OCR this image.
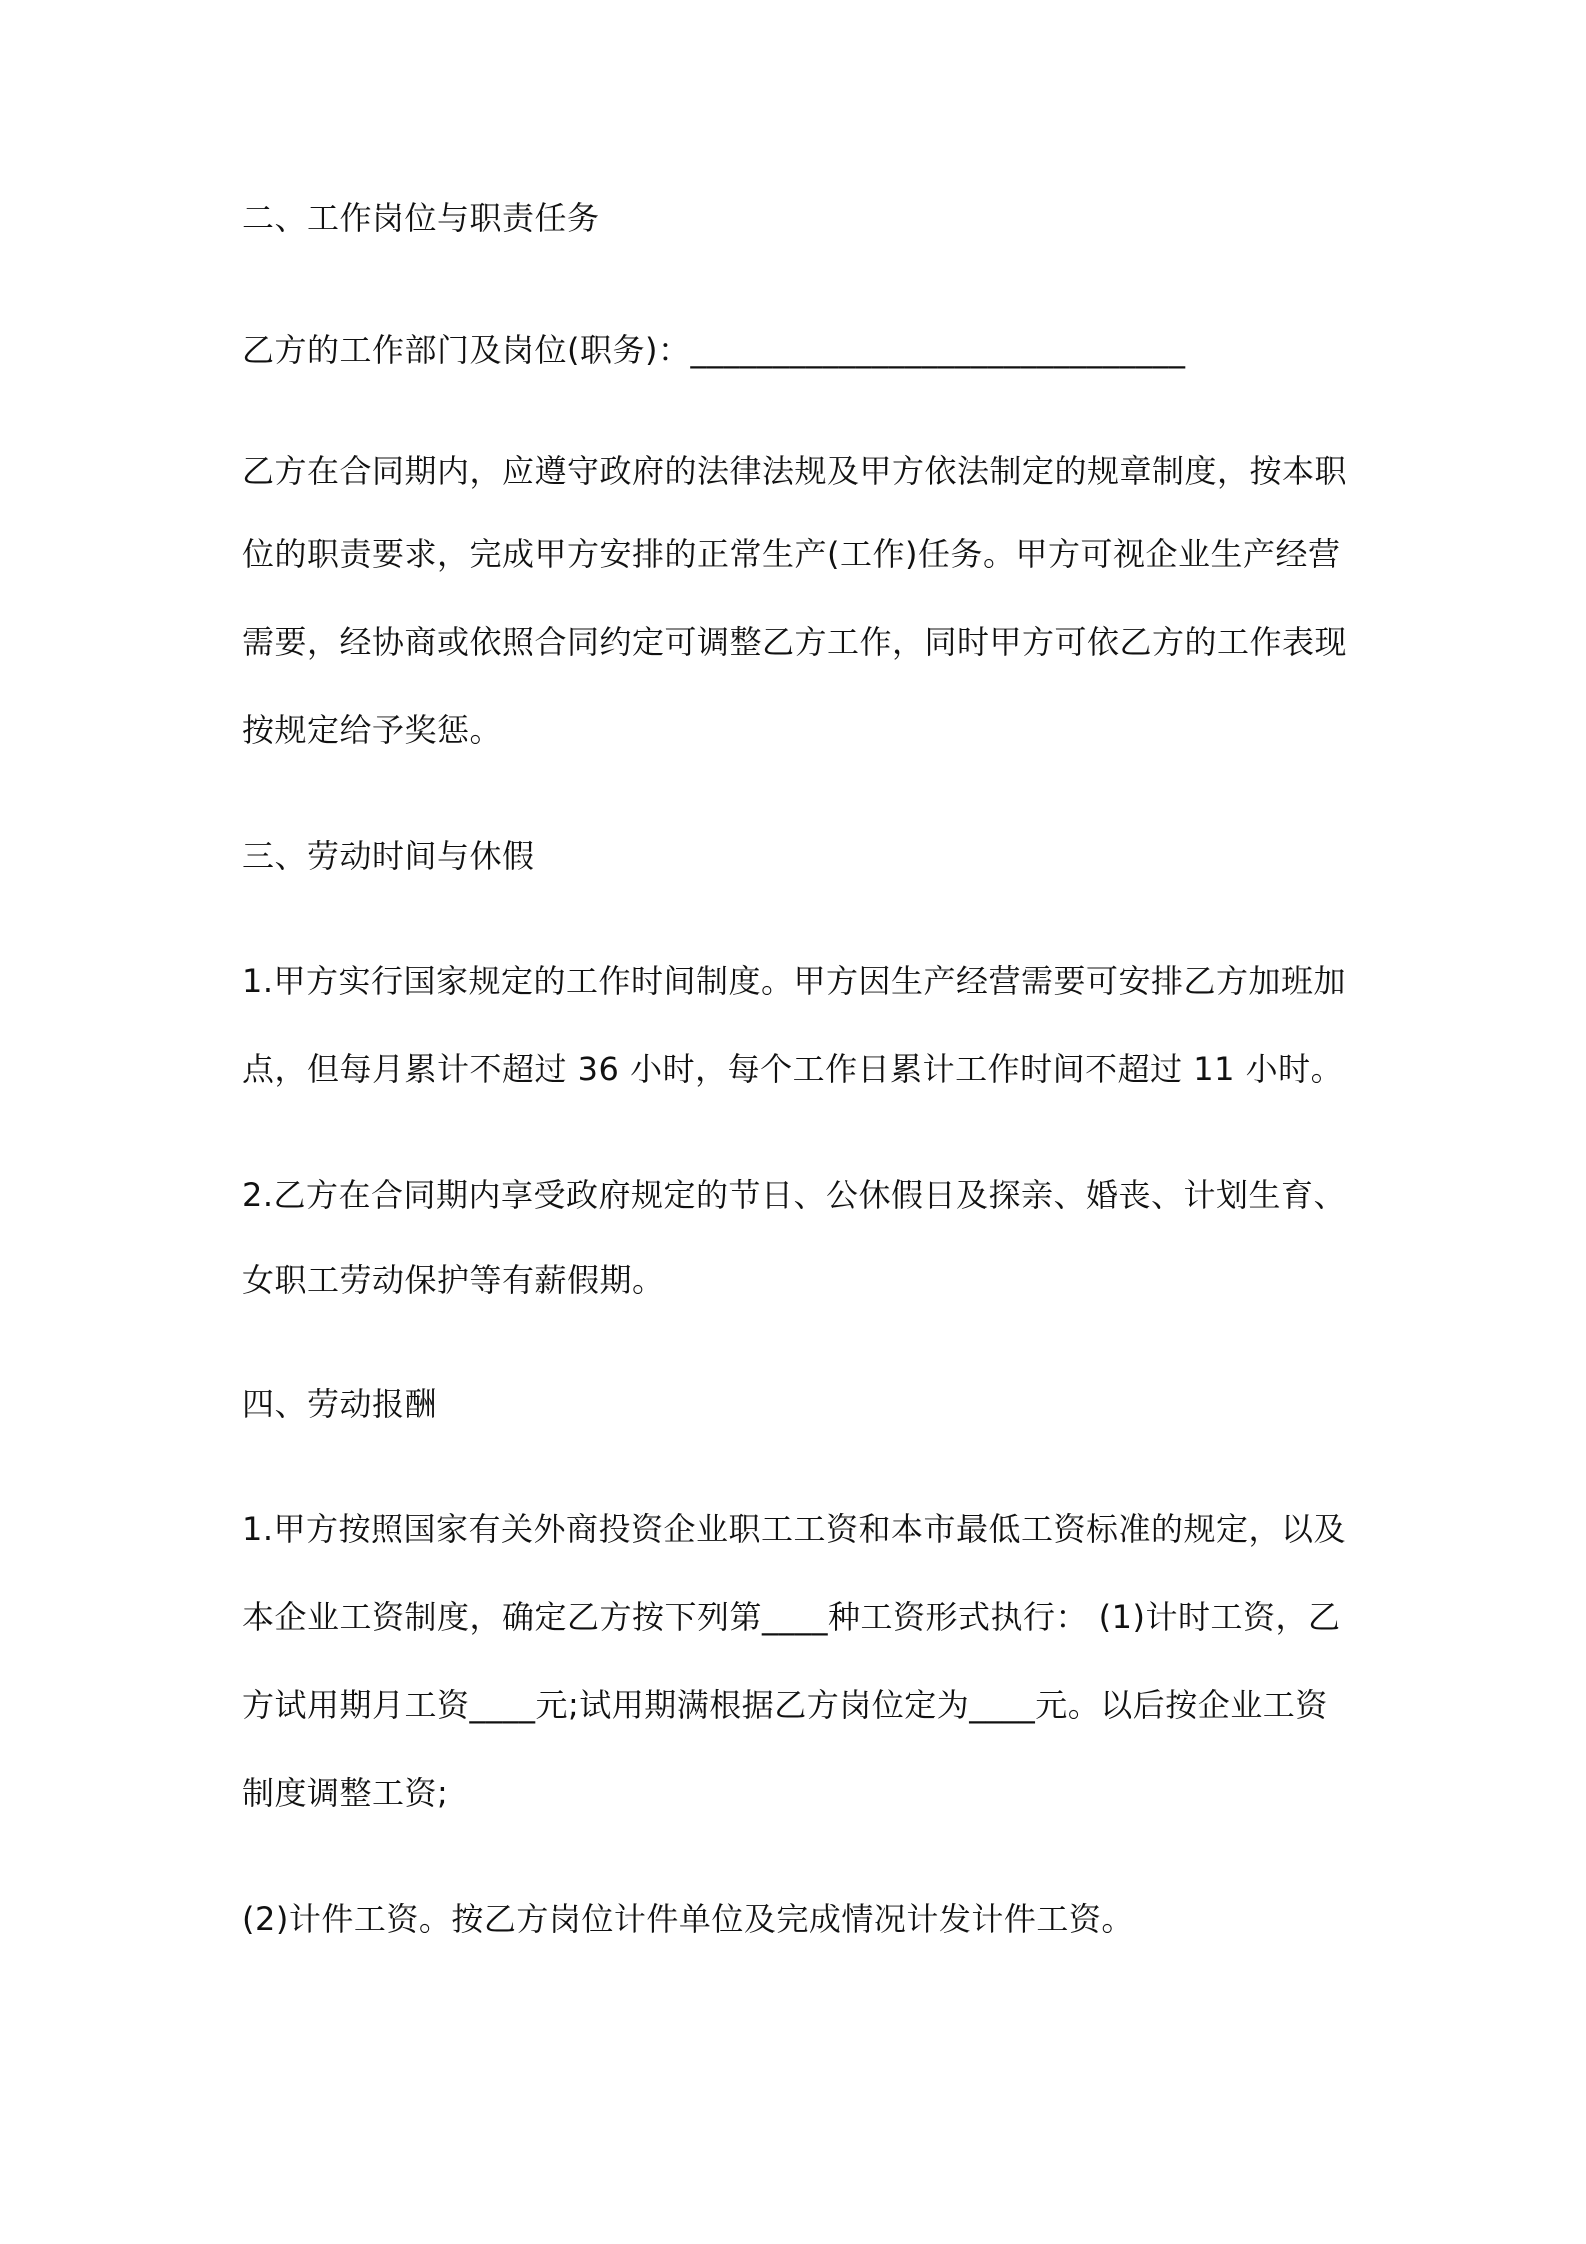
二、工作岗位与职责任务
乙方的工作部门及岗位(职务)：______________________________
乙方在合同期内，应遵守政府的法律法规及甲方依法制定的规章制度，按本职
位的职责要求，完成甲方安排的正常生产(工作)任务。甲方可视企业生产经营
需要，经协商或依照合同约定可调整乙方工作，同时甲方可依乙方的工作表现
按规定给予奖惩。
三、劳动时间与休假
1.甲方实行国家规定的工作时间制度。甲方因生产经营需要可安排乙方加班加
点，但每月累计不超过 36 小时，每个工作日累计工作时间不超过 11 小时。
2.乙方在合同期内享受政府规定的节日、公休假日及探亲、婚丧、计划生育、
女职工劳动保护等有薪假期。
四、劳动报酬
1.甲方按照国家有关外商投资企业职工工资和本市最低工资标准的规定，以及
本企业工资制度，确定乙方按下列第____种工资形式执行： (1)计时工资，乙
方试用期月工资____元;试用期满根据乙方岗位定为____元。以后按企业工资
制度调整工资;
(2)计件工资。按乙方岗位计件单位及完成情况计发计件工资。
